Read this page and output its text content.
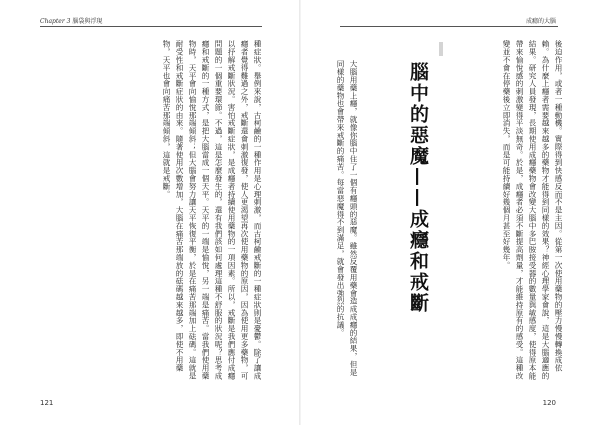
Chapter 3 腦袋與浮現	成癮的大腦
後迫作用，或者一種動機。實際得到快感反而不是主因。從第一次使用藥物的壓力慢慢轉換成依賴。為什麼上癮者需要越來越多的藥物才能得到同樣的效果？神經心理學家會說，這是大腦適應的結果。研究人員發現，長期使用成癮藥物會改變大腦中多巴胺接受器的數量與敏感度，使得原本能帶來愉悅感的刺激變得平淡無奇。於是，成癮者必須不斷提高劑量，才能維持原有的感受。這種改變並不會在停藥後立即消失，而是可能持續好幾個月甚至好幾年。
腦中的惡魔——成癮和戒斷
大腦用藥上癮，就像你腦中住了一個有癮頭的惡魔。雖然反覆用藥會造成成癮的結果，但是同樣的藥物也會帶來戒斷的痛苦。每當惡魔得不到滿足，就會發出強烈的抗議。
種症狀。舉例來說，古柯鹼的一種作用是心理刺激，而古柯鹼戒斷的一種症狀則是憂鬱。除了讓成癮者覺得難過之外，戒斷還會刺激復發，使人更渴望再次使用藥物的原因，因為使用更多藥物，可以抒解戒斷狀況。害怕戒斷症狀，是成癮者持續使用藥物的一項因素。所以，戒斷是我們應付成癮問題的一個重要環節。不過，這是怎麼發生的，還有我們該如何處理這種不舒服的狀況呢？思考成癮和戒斷的一種方式，是把大腦當成一個天平。天平的一端是愉悅，另一端是痛苦。當我們使用藥物時，天平會向愉悅那端傾斜；但大腦會努力讓天平恢復平衡，於是在痛苦那端加上砝碼。這就是耐受性和戒斷症狀的由來。隨著使用次數增加，大腦在痛苦那端放的砝碼越來越多，即使不用藥物，天平也會向痛苦那端傾斜，這就是戒斷。
121	120
